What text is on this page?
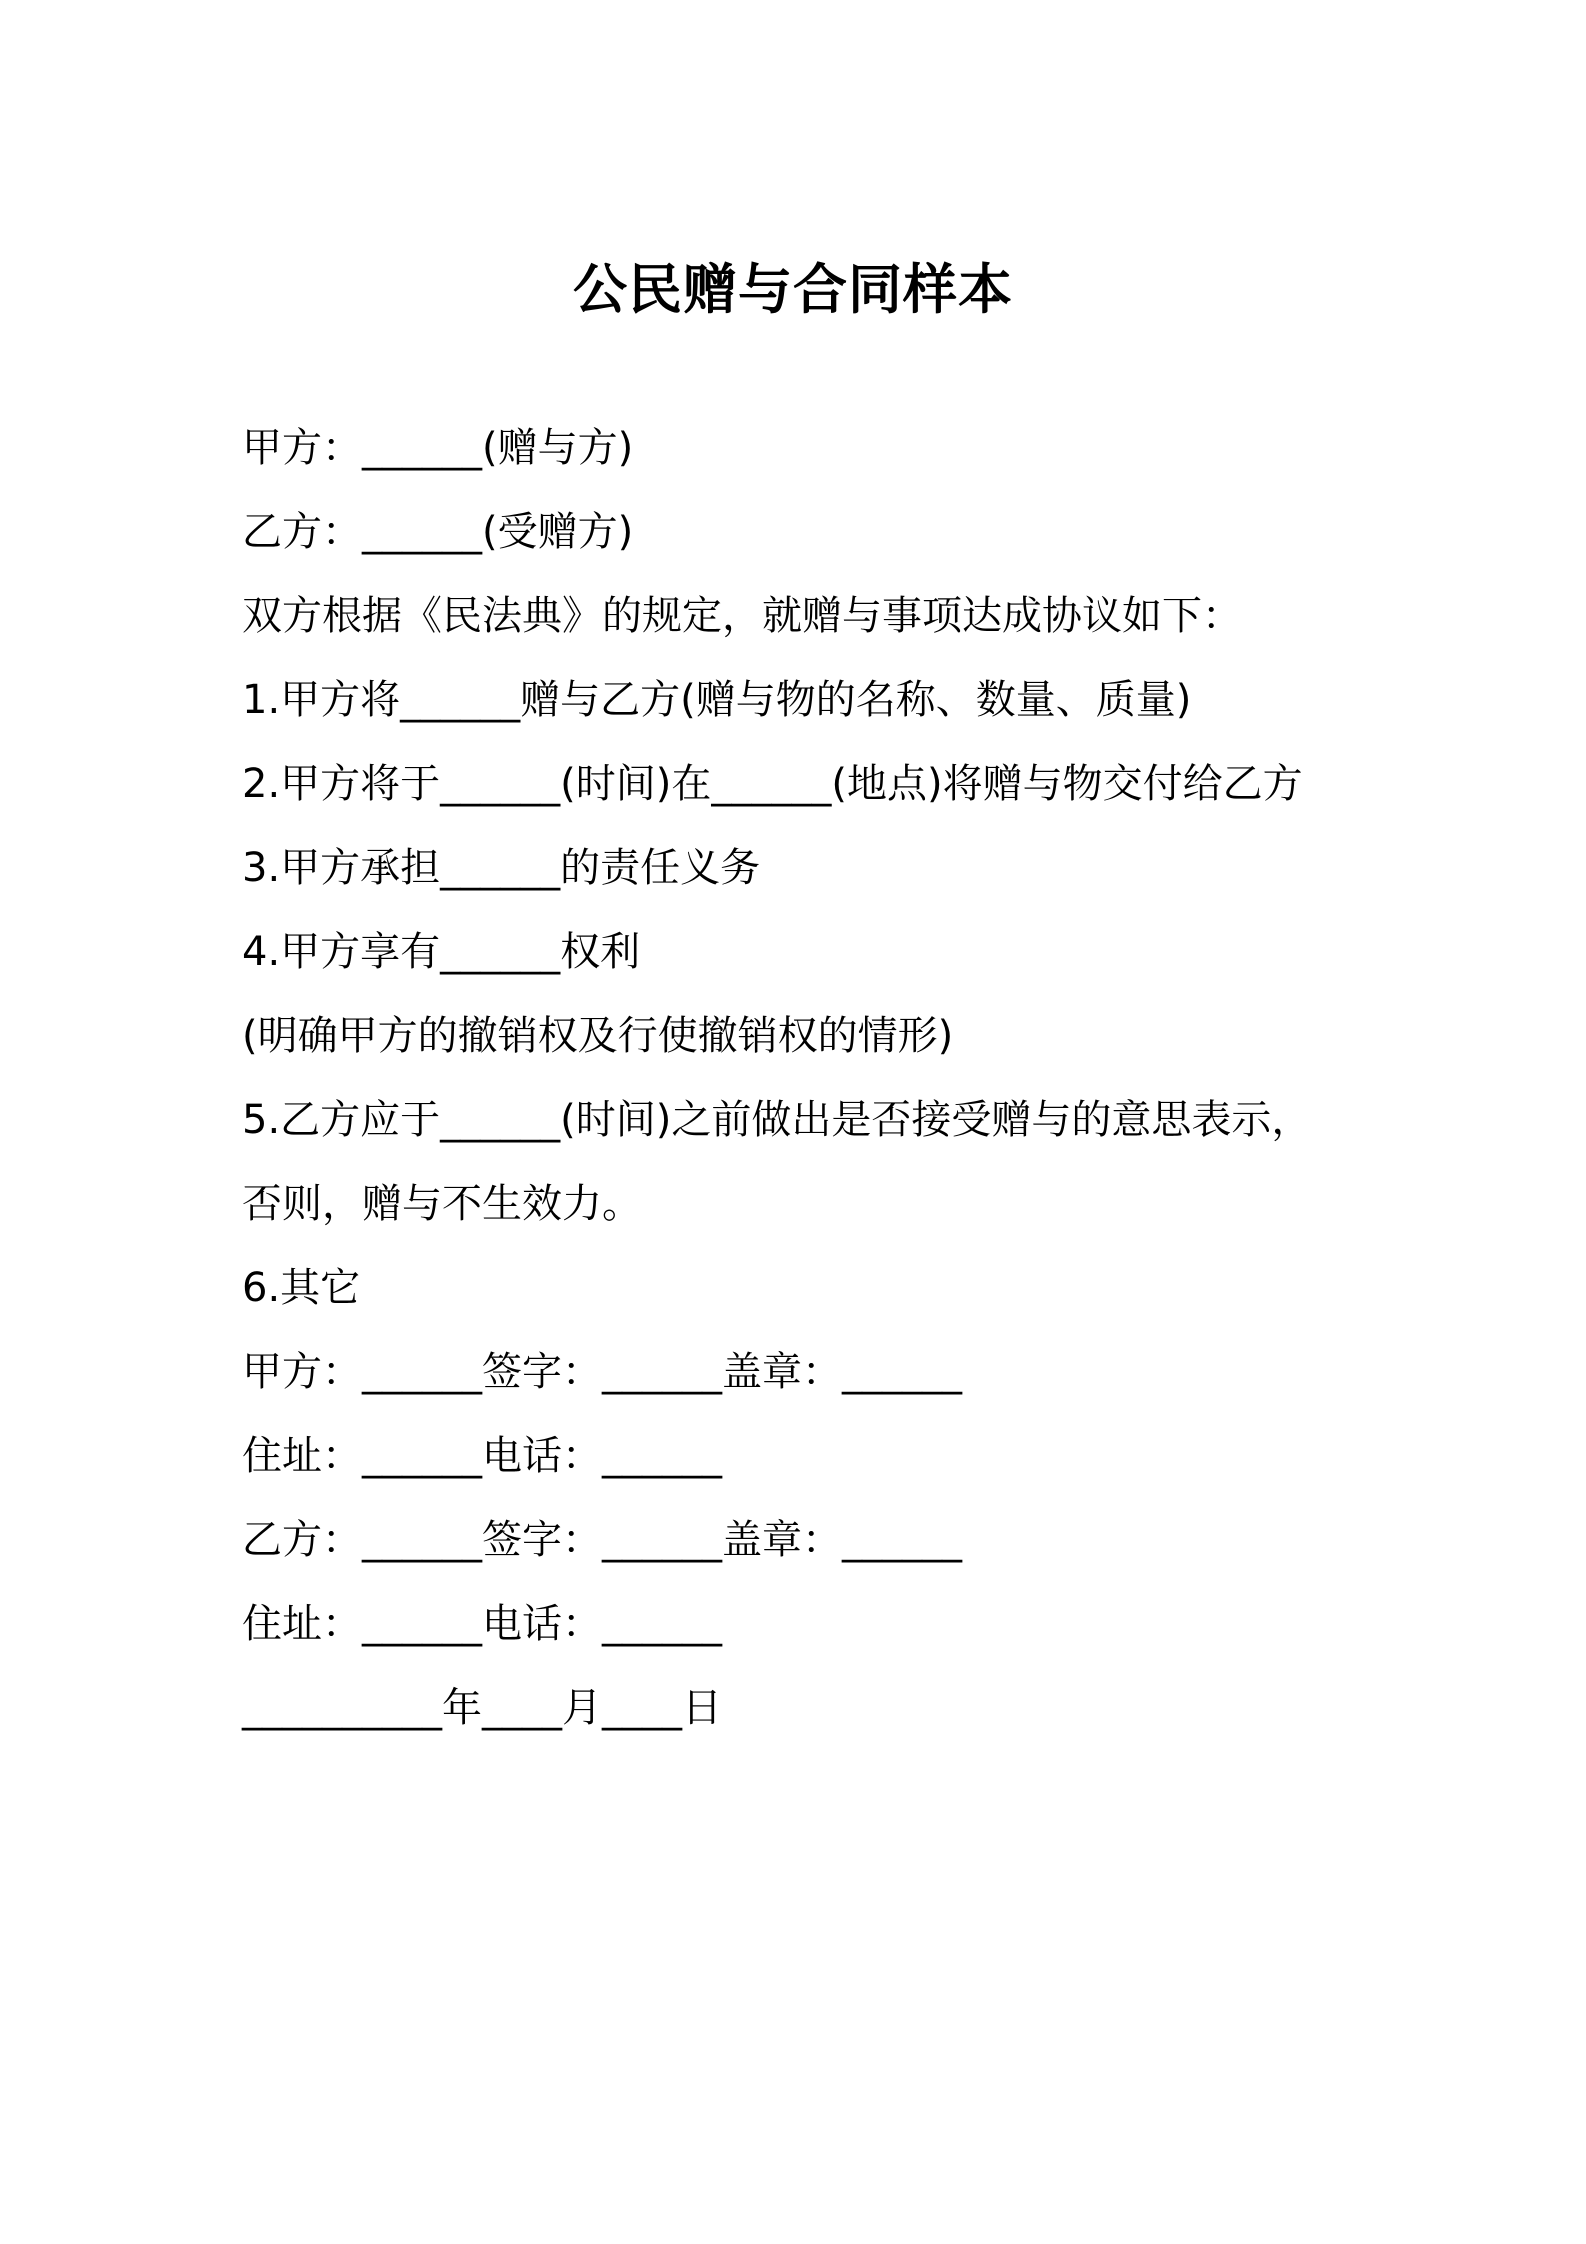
公民赠与合同样本
甲方：______(赠与方)
乙方：______(受赠方)
双方根据《民法典》的规定，就赠与事项达成协议如下：
1.甲方将______赠与乙方(赠与物的名称、数量、质量)
2.甲方将于______(时间)在______(地点)将赠与物交付给乙方
3.甲方承担______的责任义务
4.甲方享有______权利
(明确甲方的撤销权及行使撤销权的情形)
5.乙方应于______(时间)之前做出是否接受赠与的意思表示，
否则，赠与不生效力。
6.其它
甲方：______签字：______盖章：______
住址：______电话：______
乙方：______签字：______盖章：______
住址：______电话：______
__________年____月____日
